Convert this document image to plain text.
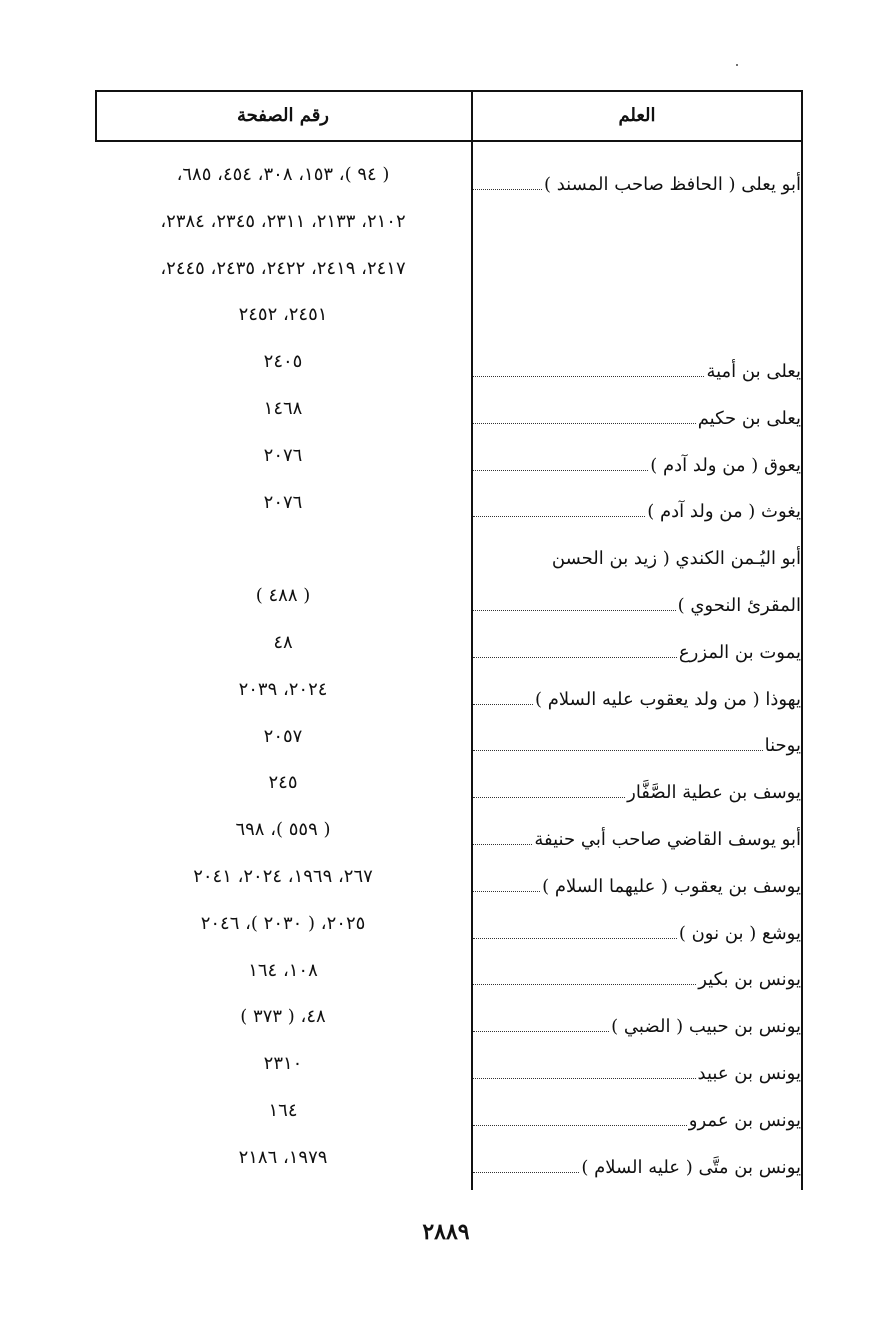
العلم
رقم الصفحة
أبو يعلى ( الحافظ صاحب المسند )
( ٩٤ )، ١٥٣، ٣٠٨، ٤٥٤، ٦٨٥،
٢١٠٢، ٢١٣٣، ٢٣١١، ٢٣٤٥، ٢٣٨٤،
٢٤١٧، ٢٤١٩، ٢٤٢٢، ٢٤٣٥، ٢٤٤٥،
٢٤٥١، ٢٤٥٢
يعلى بن أمية
٢٤٠٥
يعلى بن حكيم
١٤٦٨
يعوق ( من ولد آدم )
٢٠٧٦
يغوث ( من ولد آدم )
٢٠٧٦
أبو اليُـمن الكندي ( زيد بن الحسن
المقرئ النحوي )
( ٤٨٨ )
يموت بن المزرع
٤٨
يهوذا ( من ولد يعقوب عليه السلام )
٢٠٢٤، ٢٠٣٩
يوحنا
٢٠٥٧
يوسف بن عطية الصَّفَّار
٢٤٥
أبو يوسف القاضي صاحب أبي حنيفة
( ٥٥٩ )، ٦٩٨
يوسف بن يعقوب ( عليهما السلام )
٢٦٧، ١٩٦٩، ٢٠٢٤، ٢٠٤١
يوشع ( بن نون )
٢٠٢٥، ( ٢٠٣٠ )، ٢٠٤٦
يونس بن بكير
١٠٨، ١٦٤
يونس بن حبيب ( الضبي )
٤٨، ( ٣٧٣ )
يونس بن عبيد
٢٣١٠
يونس بن عمرو
١٦٤
يونس بن متَّى ( عليه السلام )
١٩٧٩، ٢١٨٦
٢٨٨٩
